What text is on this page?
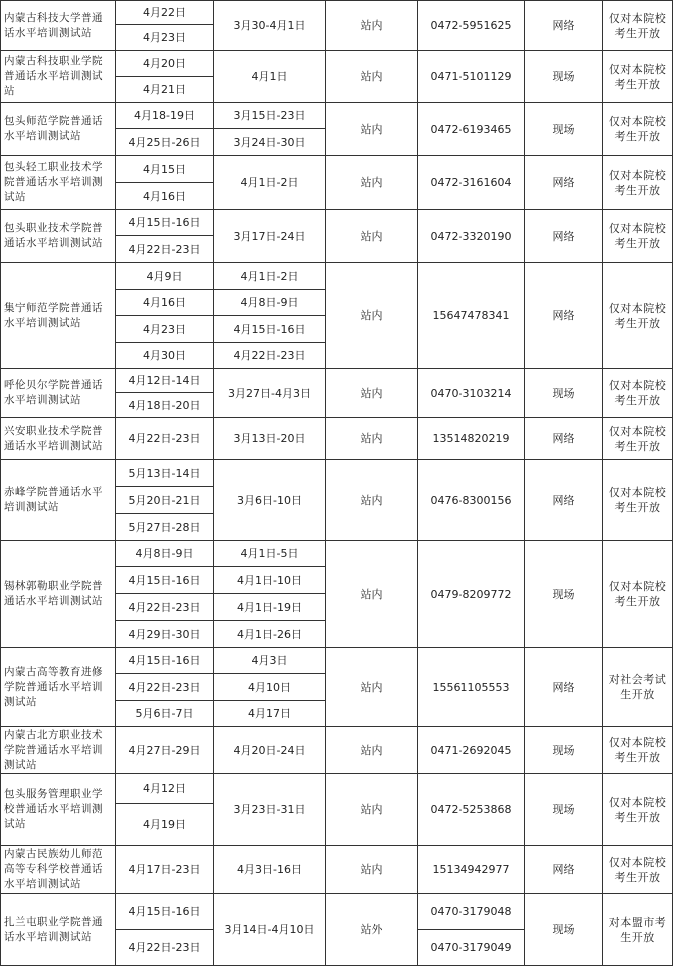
内蒙古科技大学普通话水平培训测试站	4月22日	3月30-4月1日	站内	0472-5951625	网络	仅对本院校考生开放
	4月23日					
内蒙古科技职业学院普通话水平培训测试站	4月20日	4月1日	站内	0471-5101129	现场	仅对本院校考生开放
	4月21日					
包头师范学院普通话水平培训测试站	4月18-19日	3月15日-23日	站内	0472-6193465	现场	仅对本院校考生开放
	4月25日-26日	3月24日-30日				
包头轻工职业技术学院普通话水平培训测试站	4月15日	4月1日-2日	站内	0472-3161604	网络	仅对本院校考生开放
	4月16日					
包头职业技术学院普通话水平培训测试站	4月15日-16日	3月17日-24日	站内	0472-3320190	网络	仅对本院校考生开放
	4月22日-23日					
集宁师范学院普通话水平培训测试站	4月9日	4月1日-2日	站内	15647478341	网络	仅对本院校考生开放
	4月16日	4月8日-9日				
	4月23日	4月15日-16日				
	4月30日	4月22日-23日				
呼伦贝尔学院普通话水平培训测试站	4月12日-14日	3月27日-4月3日	站内	0470-3103214	现场	仅对本院校考生开放
	4月18日-20日					
兴安职业技术学院普通话水平培训测试站	4月22日-23日	3月13日-20日	站内	13514820219	网络	仅对本院校考生开放
赤峰学院普通话水平培训测试站	5月13日-14日	3月6日-10日	站内	0476-8300156	网络	仅对本院校考生开放
	5月20日-21日					
	5月27日-28日					
锡林郭勒职业学院普通话水平培训测试站	4月8日-9日	4月1日-5日	站内	0479-8209772	现场	仅对本院校考生开放
	4月15日-16日	4月1日-10日				
	4月22日-23日	4月1日-19日				
	4月29日-30日	4月1日-26日				
内蒙古高等教育进修学院普通话水平培训测试站	4月15日-16日	4月3日	站内	15561105553	网络	对社会考试生开放
	4月22日-23日	4月10日				
	5月6日-7日	4月17日				
内蒙古北方职业技术学院普通话水平培训测试站	4月27日-29日	4月20日-24日	站内	0471-2692045	现场	仅对本院校考生开放
包头服务管理职业学校普通话水平培训测试站	4月12日	3月23日-31日	站内	0472-5253868	现场	仅对本院校考生开放
	4月19日					
内蒙古民族幼儿师范高等专科学校普通话水平培训测试站	4月17日-23日	4月3日-16日	站内	15134942977	网络	仅对本院校考生开放
扎兰屯职业学院普通话水平培训测试站	4月15日-16日	3月14日-4月10日	站外	0470-3179048	现场	对本盟市考生开放
	4月22日-23日			0470-3179049		
